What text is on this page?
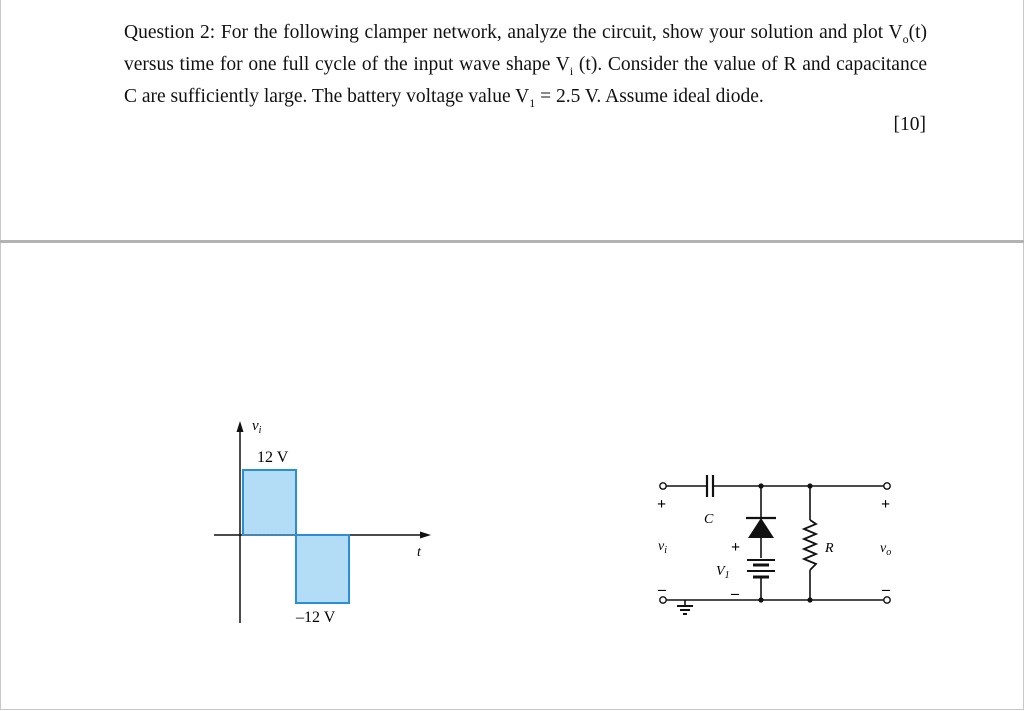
Question 2: For the following clamper network, analyze the circuit, show your solution and plot $V_o(t)$ versus time for one full cycle of the input wave shape $V_i$ (t). Consider the value of R and capacitance C are sufficiently large. The battery voltage value $V_1 = 2.5$ V. Assume ideal diode.

[10]
$v_i$
t
12 V
–12 V
C
+
–
$V_1$
R
+
$v_i$
–
+
$v_o$
–
